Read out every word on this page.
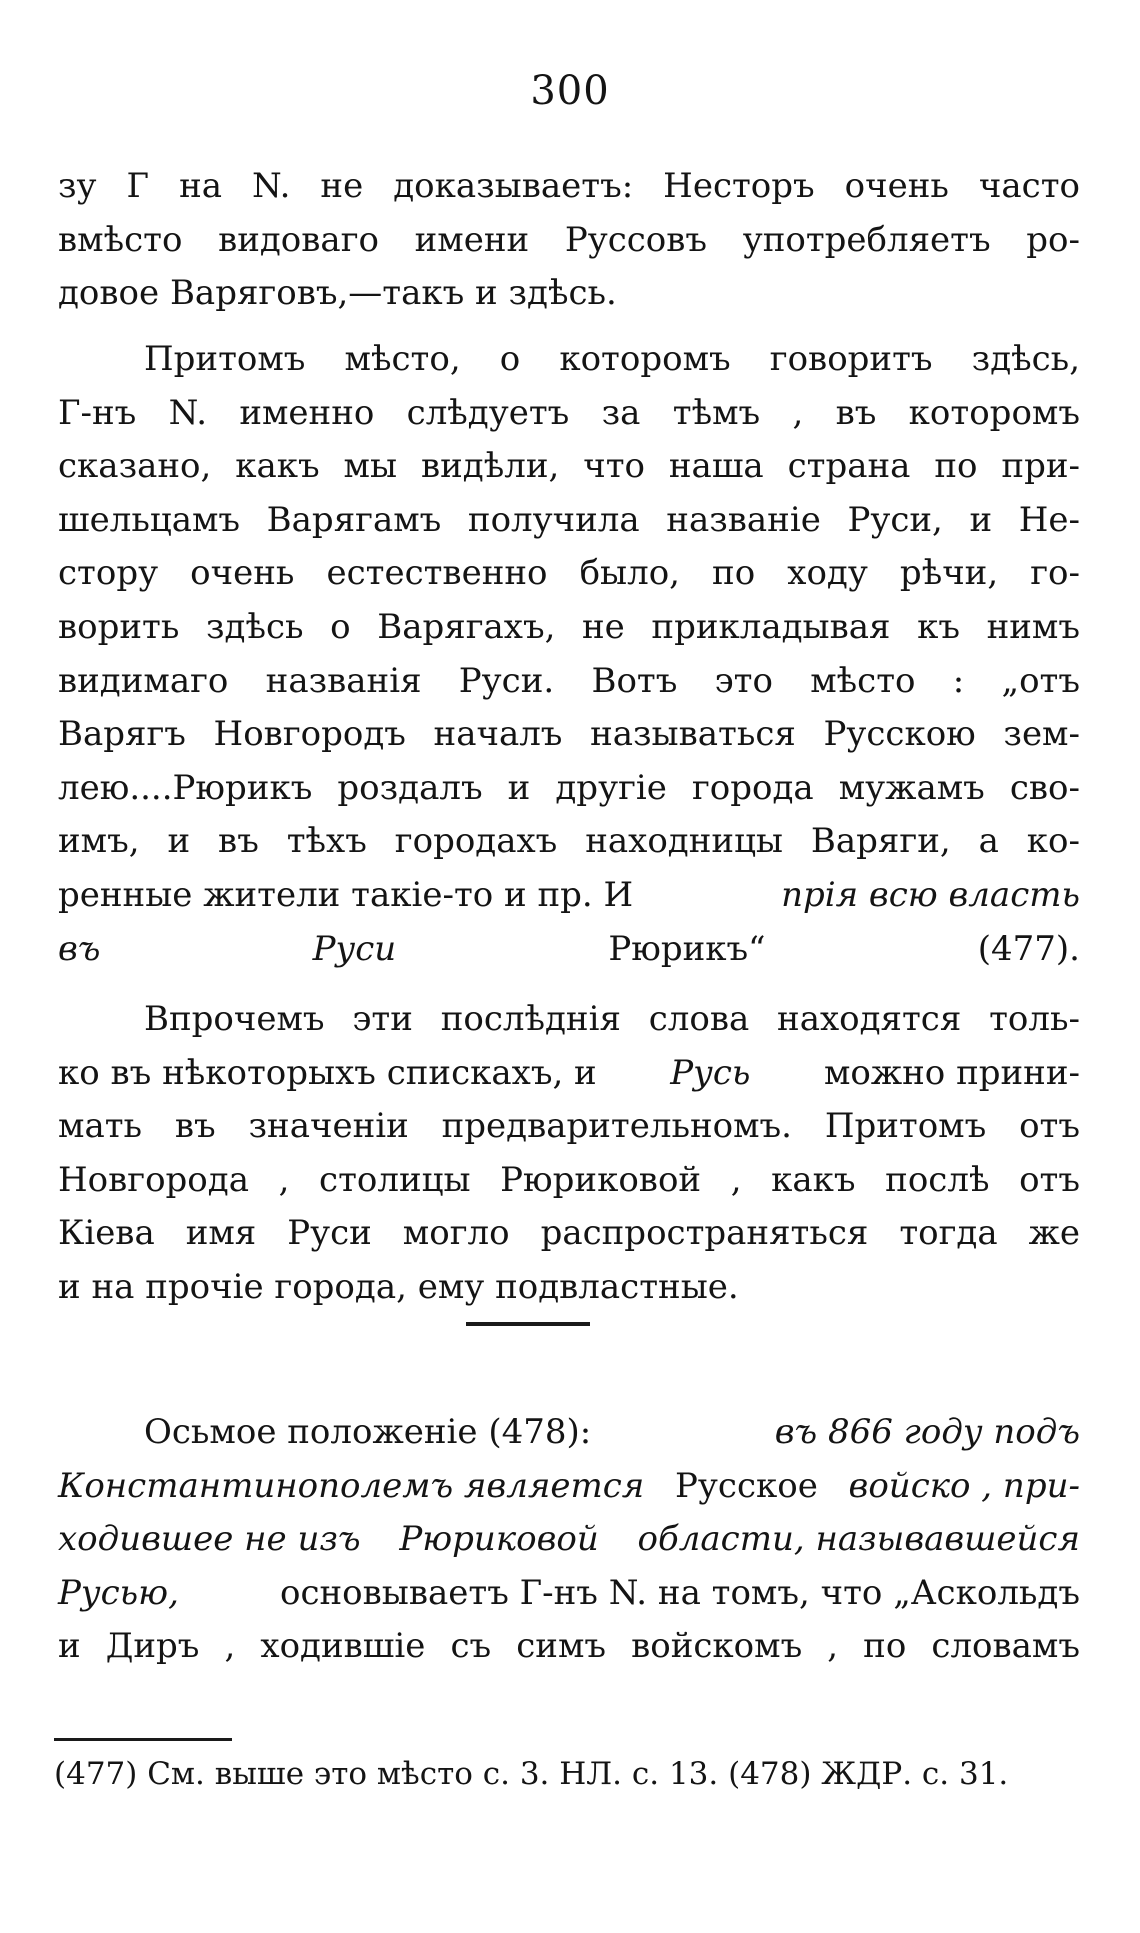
300
зу Г на N. не доказываетъ: Несторъ очень часто
вмѣсто видоваго имени Руссовъ употребляетъ ро-
довое Варяговъ,—такъ и здѣсь.
Притомъ мѣсто, о которомъ говоритъ здѣсь,
Г-нъ N. именно слѣдуетъ за тѣмъ , въ которомъ
сказано, какъ мы видѣли, что наша страна по при-
шельцамъ Варягамъ получила названіе Руси, и Не-
стору очень естественно было, по ходу рѣчи, го-
ворить здѣсь о Варягахъ, не прикладывая къ нимъ
видимаго названія Руси. Вотъ это мѣсто : „отъ
Варягъ Новгородъ началъ называться Русскою зем-
лею....Рюрикъ роздалъ и другіе города мужамъ сво-
имъ, и въ тѣхъ городахъ находницы Варяги, а ко-
ренные жители такіе-то и пр. И	прія всю власть
въ Руси	Рюрикъ“ (477).
Впрочемъ эти послѣднія слова находятся толь-
ко въ нѣкоторыхъ спискахъ, и Русь можно прини-
мать въ значеніи предварительномъ. Притомъ отъ
Новгорода , столицы Рюриковой , какъ послѣ отъ
Кіева имя Руси могло распространяться тогда же
и на прочіе города, ему подвластные.
Осьмое положеніе (478):	въ 866 году подъ
Константинополемъ является Русское войско , при-
ходившее не изъ Рюриковой области, называвшейся
Русью,	основываетъ Г-нъ N. на томъ, что „Аскольдъ
и Диръ , ходившіе съ симъ войскомъ , по словамъ
(477) См. выше это мѣсто с. 3. НЛ. с. 13. (478) ЖДР. с. 31.
